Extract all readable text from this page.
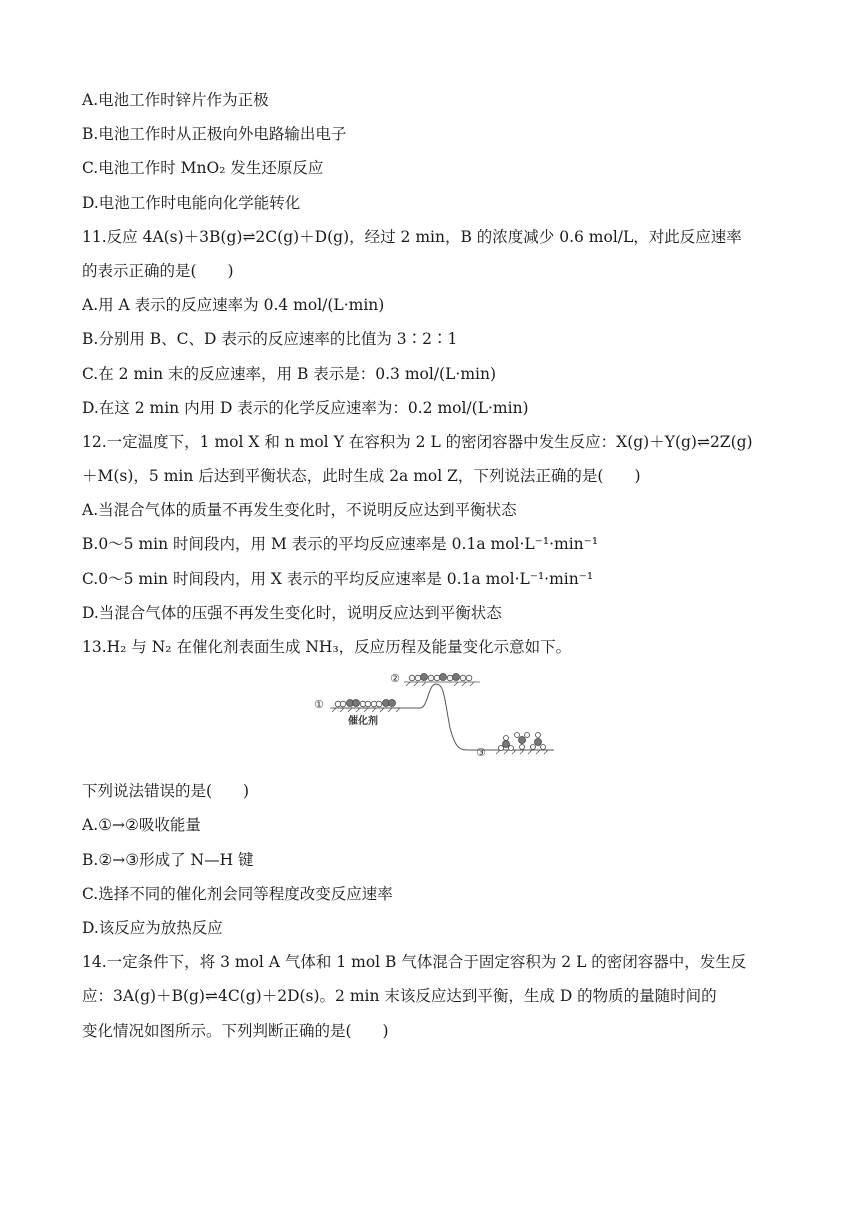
A.电池工作时锌片作为正极
B.电池工作时从正极向外电路输出电子
C.电池工作时 MnO₂ 发生还原反应
D.电池工作时电能向化学能转化
11.反应 4A(s)＋3B(g)⇌2C(g)＋D(g)，经过 2 min，B 的浓度减少 0.6 mol/L，对此反应速率
的表示正确的是(　　)
A.用 A 表示的反应速率为 0.4 mol/(L·min)
B.分别用 B、C、D 表示的反应速率的比值为 3∶2∶1
C.在 2 min 末的反应速率，用 B 表示是：0.3 mol/(L·min)
D.在这 2 min 内用 D 表示的化学反应速率为：0.2 mol/(L·min)
12.一定温度下，1 mol X 和 n mol Y 在容积为 2 L 的密闭容器中发生反应：X(g)＋Y(g)⇌2Z(g)
＋M(s)，5 min 后达到平衡状态，此时生成 2a mol Z，下列说法正确的是(　　)
A.当混合气体的质量不再发生变化时，不说明反应达到平衡状态
B.0～5 min 时间段内，用 M 表示的平均反应速率是 0.1a mol·L⁻¹·min⁻¹
C.0～5 min 时间段内，用 X 表示的平均反应速率是 0.1a mol·L⁻¹·min⁻¹
D.当混合气体的压强不再发生变化时，说明反应达到平衡状态
13.H₂ 与 N₂ 在催化剂表面生成 NH₃，反应历程及能量变化示意如下。
①
②
③
催化剂
下列说法错误的是(　　)
A.①→②吸收能量
B.②→③形成了 N—H 键
C.选择不同的催化剂会同等程度改变反应速率
D.该反应为放热反应
14.一定条件下，将 3 mol A 气体和 1 mol B 气体混合于固定容积为 2 L 的密闭容器中，发生反
应：3A(g)＋B(g)⇌4C(g)＋2D(s)。2 min 末该反应达到平衡，生成 D 的物质的量随时间的
变化情况如图所示。下列判断正确的是(　　)
